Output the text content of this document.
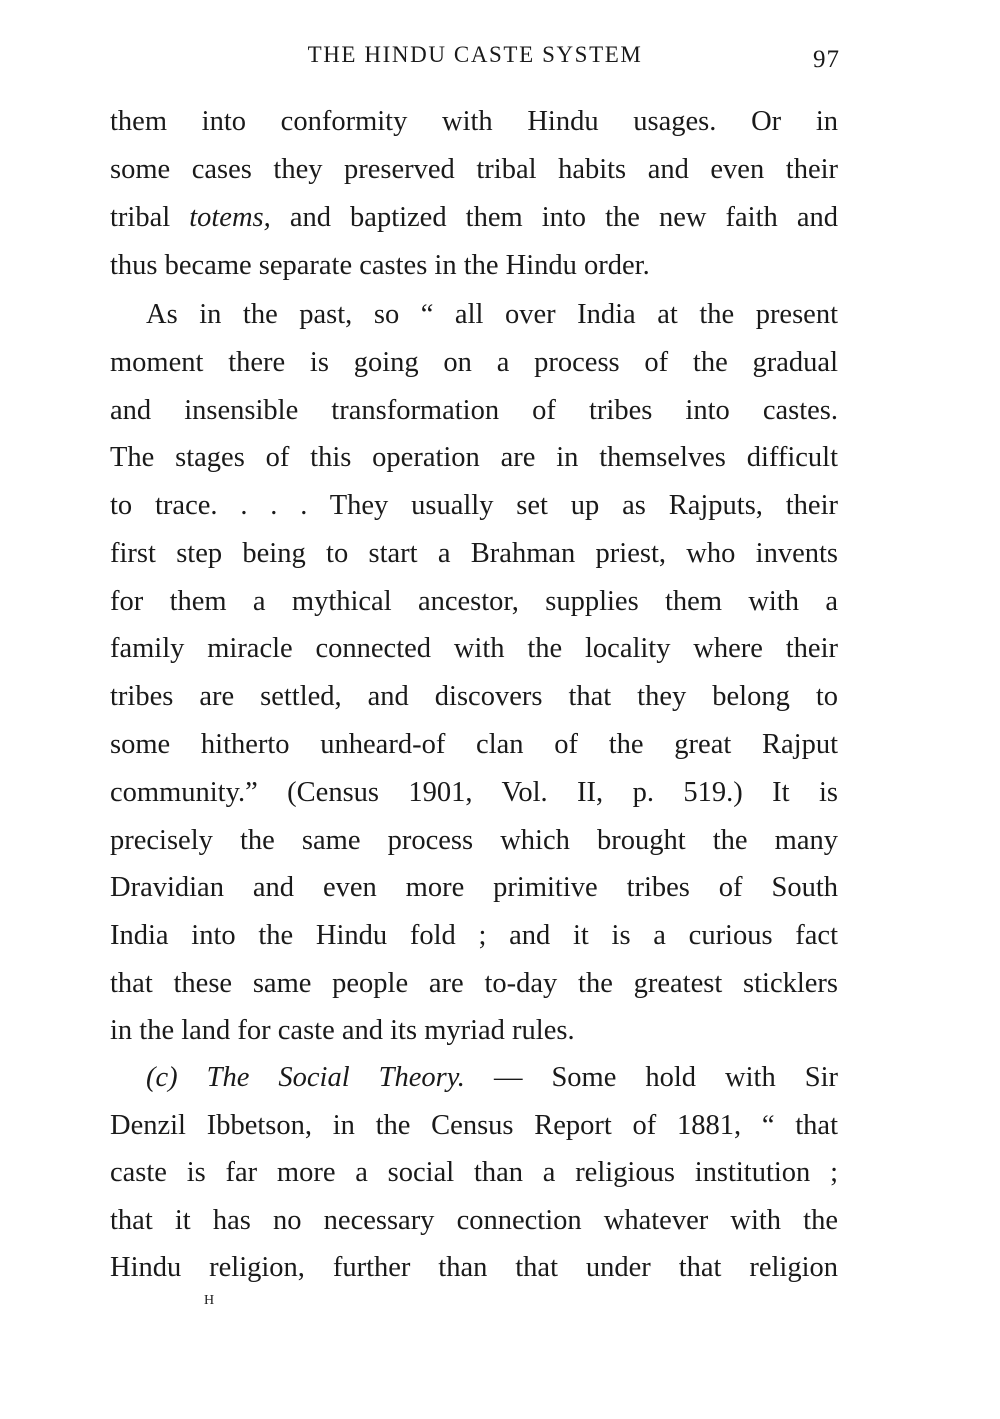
THE HINDU CASTE SYSTEM	97
them into conformity with Hindu usages. Or in
some cases they preserved tribal habits and even their
tribal totems, and baptized them into the new faith and
thus became separate castes in the Hindu order.
As in the past, so “ all over India at the present
moment there is going on a process of the gradual
and insensible transformation of tribes into castes.
The stages of this operation are in themselves difficult
to trace. . . . They usually set up as Rajputs, their
first step being to start a Brahman priest, who invents
for them a mythical ancestor, supplies them with a
family miracle connected with the locality where their
tribes are settled, and discovers that they belong to
some hitherto unheard-of clan of the great Rajput
community.” (Census 1901, Vol. II, p. 519.) It is
precisely the same process which brought the many
Dravidian and even more primitive tribes of South
India into the Hindu fold ; and it is a curious fact
that these same people are to-day the greatest sticklers
in the land for caste and its myriad rules.
(c) The Social Theory. — Some hold with Sir
Denzil Ibbetson, in the Census Report of 1881, “ that
caste is far more a social than a religious institution ;
that it has no necessary connection whatever with the
Hindu religion, further than that under that religion
H
